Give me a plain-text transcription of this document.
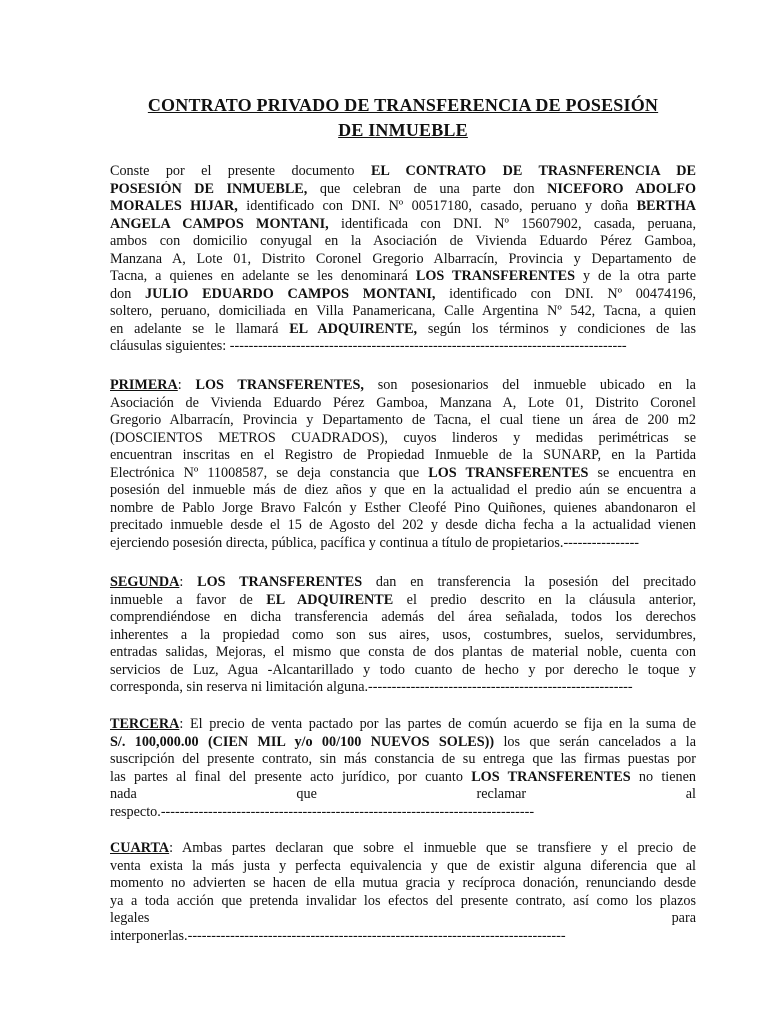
CONTRATO PRIVADO DE TRANSFERENCIA DE POSESIÓN
DE INMUEBLE
Conste por el presente documento EL CONTRATO DE TRASNFERENCIA DE
POSESIÓN DE INMUEBLE, que celebran de una parte don NICEFORO ADOLFO
MORALES HIJAR, identificado con DNI. Nº 00517180, casado, peruano y doña BERTHA
ANGELA CAMPOS MONTANI, identificada con DNI. Nº 15607902, casada, peruana,
ambos con domicilio conyugal en la Asociación de Vivienda Eduardo Pérez Gamboa,
Manzana A, Lote 01, Distrito Coronel Gregorio Albarracín, Provincia y Departamento de
Tacna, a quienes en adelante se les denominará LOS TRANSFERENTES y de la otra parte
don JULIO EDUARDO CAMPOS MONTANI, identificado con DNI. Nº 00474196,
soltero, peruano, domiciliada en Villa Panamericana, Calle Argentina Nº 542, Tacna, a quien
en adelante se le llamará EL ADQUIRENTE, según los términos y condiciones de las
cláusulas siguientes: ------------------------------------------------------------------------------------
PRIMERA: LOS TRANSFERENTES, son posesionarios del inmueble ubicado en la
Asociación de Vivienda Eduardo Pérez Gamboa, Manzana A, Lote 01, Distrito Coronel
Gregorio Albarracín, Provincia y Departamento de Tacna, el cual tiene un área de 200 m2
(DOSCIENTOS METROS CUADRADOS), cuyos linderos y medidas perimétricas se
encuentran inscritas en el Registro de Propiedad Inmueble de la SUNARP, en la Partida
Electrónica Nº 11008587, se deja constancia que LOS TRANSFERENTES se encuentra en
posesión del inmueble más de diez años y que en la actualidad el predio aún se encuentra a
nombre de Pablo Jorge Bravo Falcón y Esther Cleofé Pino Quiñones, quienes abandonaron el
precitado inmueble desde el 15 de Agosto del 202 y desde dicha fecha a la actualidad vienen
ejerciendo posesión directa, pública, pacífica y continua a título de propietarios.----------------
SEGUNDA: LOS TRANSFERENTES dan en transferencia la posesión del precitado
inmueble a favor de EL ADQUIRENTE el predio descrito en la cláusula anterior,
comprendiéndose en dicha transferencia además del área señalada, todos los derechos
inherentes a la propiedad como son sus aires, usos, costumbres, suelos, servidumbres,
entradas salidas, Mejoras, el mismo que consta de dos plantas de material noble, cuenta con
servicios de Luz, Agua -Alcantarillado y todo cuanto de hecho y por derecho le toque y
corresponda, sin reserva ni limitación alguna.--------------------------------------------------------
TERCERA: El precio de venta pactado por las partes de común acuerdo se fija en la suma de
S/. 100,000.00 (CIEN MIL y/o 00/100 NUEVOS SOLES)) los que serán cancelados a la
suscripción del presente contrato, sin más constancia de su entrega que las firmas puestas por
las partes al final del presente acto jurídico, por cuanto LOS TRANSFERENTES no tienen
nada que reclamar al
respecto.-------------------------------------------------------------------------------
CUARTA: Ambas partes declaran que sobre el inmueble que se transfiere y el precio de
venta exista la más justa y perfecta equivalencia y que de existir alguna diferencia que al
momento no advierten se hacen de ella mutua gracia y recíproca donación, renunciando desde
ya a toda acción que pretenda invalidar los efectos del presente contrato, así como los plazos
legales para
interponerlas.--------------------------------------------------------------------------------
